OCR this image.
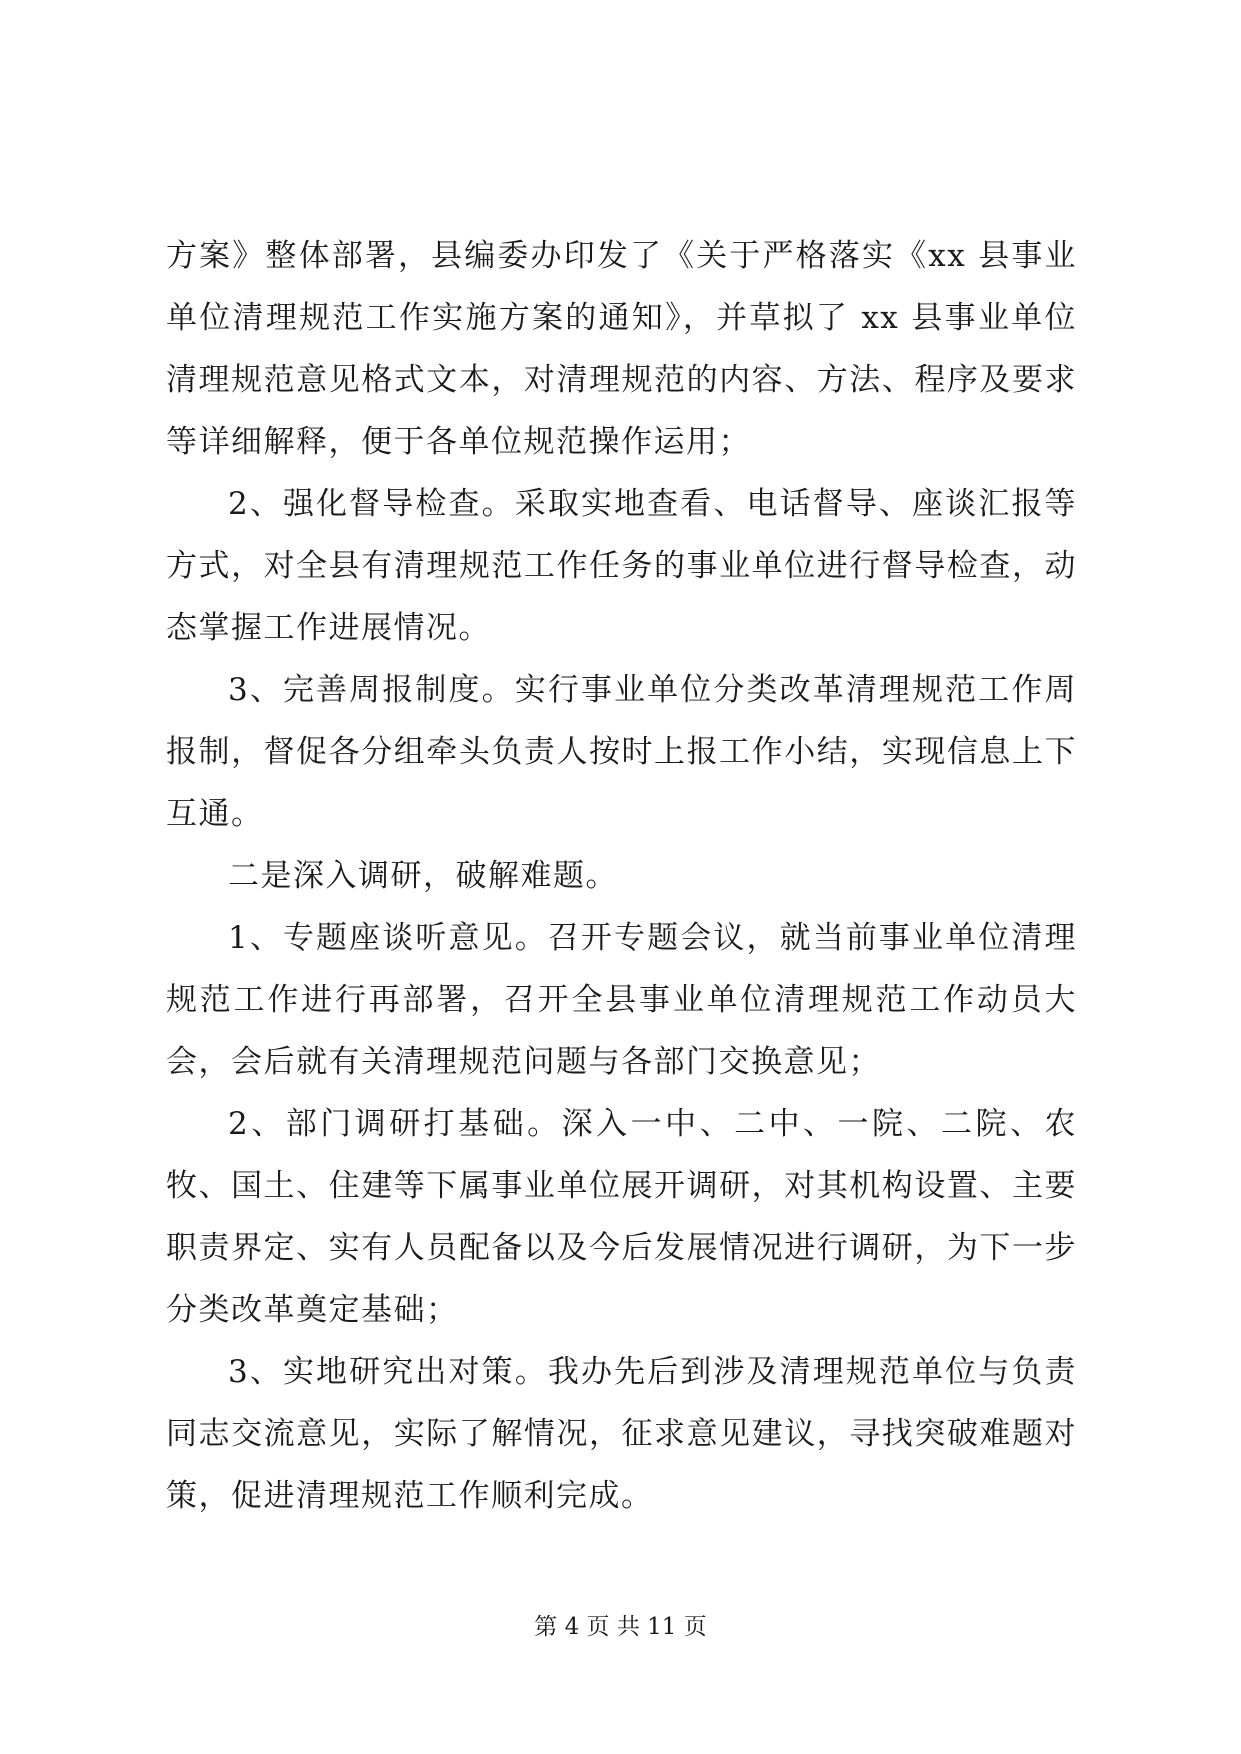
方案》整体部署，县编委办印发了《关于严格落实《xx 县事业单位清理规范工作实施方案的通知》，并草拟了 xx 县事业单位清理规范意见格式文本，对清理规范的内容、方法、程序及要求等详细解释，便于各单位规范操作运用；

2、强化督导检查。采取实地查看、电话督导、座谈汇报等方式，对全县有清理规范工作任务的事业单位进行督导检查，动态掌握工作进展情况。

3、完善周报制度。实行事业单位分类改革清理规范工作周报制，督促各分组牵头负责人按时上报工作小结，实现信息上下互通。

二是深入调研，破解难题。

1、专题座谈听意见。召开专题会议，就当前事业单位清理规范工作进行再部署，召开全县事业单位清理规范工作动员大会，会后就有关清理规范问题与各部门交换意见；

2、部门调研打基础。深入一中、二中、一院、二院、农牧、国土、住建等下属事业单位展开调研，对其机构设置、主要职责界定、实有人员配备以及今后发展情况进行调研，为下一步分类改革奠定基础；

3、实地研究出对策。我办先后到涉及清理规范单位与负责同志交流意见，实际了解情况，征求意见建议，寻找突破难题对策，促进清理规范工作顺利完成。

第 4 页 共 11 页
